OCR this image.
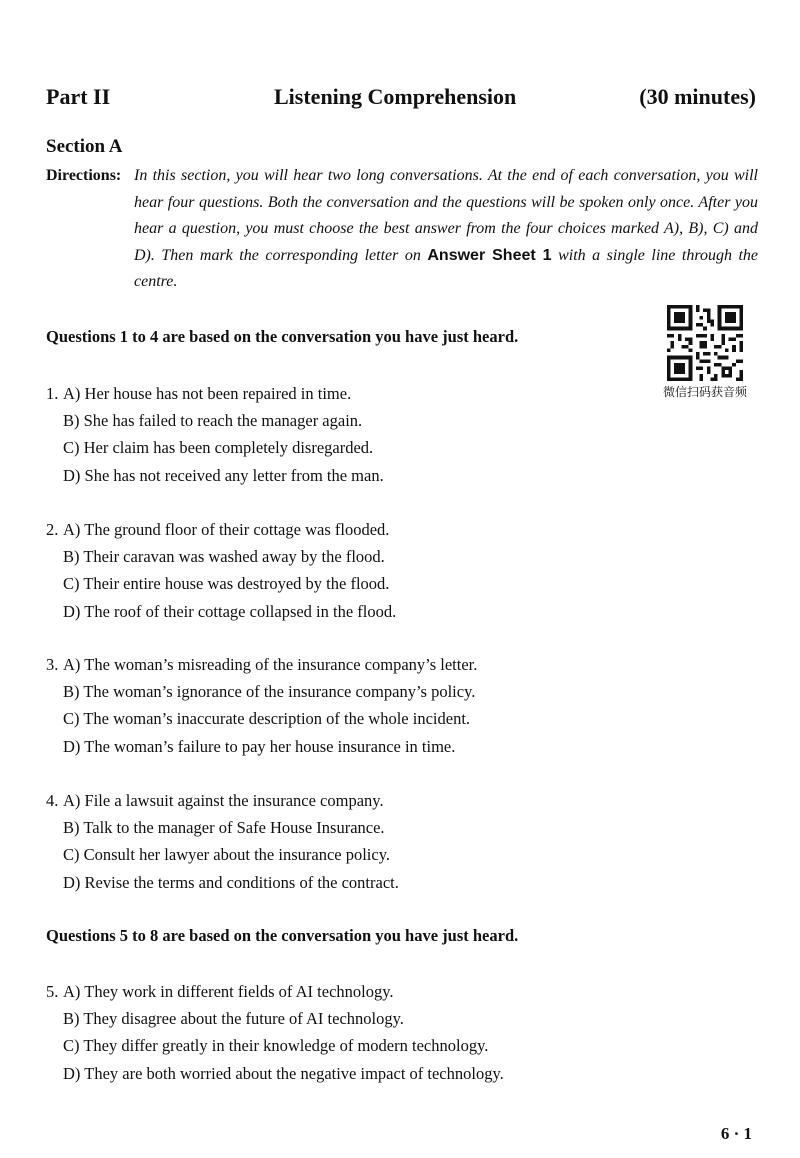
Part II	Listening Comprehension	(30 minutes)
Section A
Directions: In this section, you will hear two long conversations. At the end of each conversation, you will hear four questions. Both the conversation and the questions will be spoken only once. After you hear a question, you must choose the best answer from the four choices marked A), B), C) and D). Then mark the corresponding letter on Answer Sheet 1 with a single line through the centre.
微信扫码获音频
Questions 1 to 4 are based on the conversation you have just heard.
1. A) Her house has not been repaired in time.
B) She has failed to reach the manager again.
C) Her claim has been completely disregarded.
D) She has not received any letter from the man.
2. A) The ground floor of their cottage was flooded.
B) Their caravan was washed away by the flood.
C) Their entire house was destroyed by the flood.
D) The roof of their cottage collapsed in the flood.
3. A) The woman’s misreading of the insurance company’s letter.
B) The woman’s ignorance of the insurance company’s policy.
C) The woman’s inaccurate description of the whole incident.
D) The woman’s failure to pay her house insurance in time.
4. A) File a lawsuit against the insurance company.
B) Talk to the manager of Safe House Insurance.
C) Consult her lawyer about the insurance policy.
D) Revise the terms and conditions of the contract.
Questions 5 to 8 are based on the conversation you have just heard.
5. A) They work in different fields of AI technology.
B) They disagree about the future of AI technology.
C) They differ greatly in their knowledge of modern technology.
D) They are both worried about the negative impact of technology.
6 · 1
